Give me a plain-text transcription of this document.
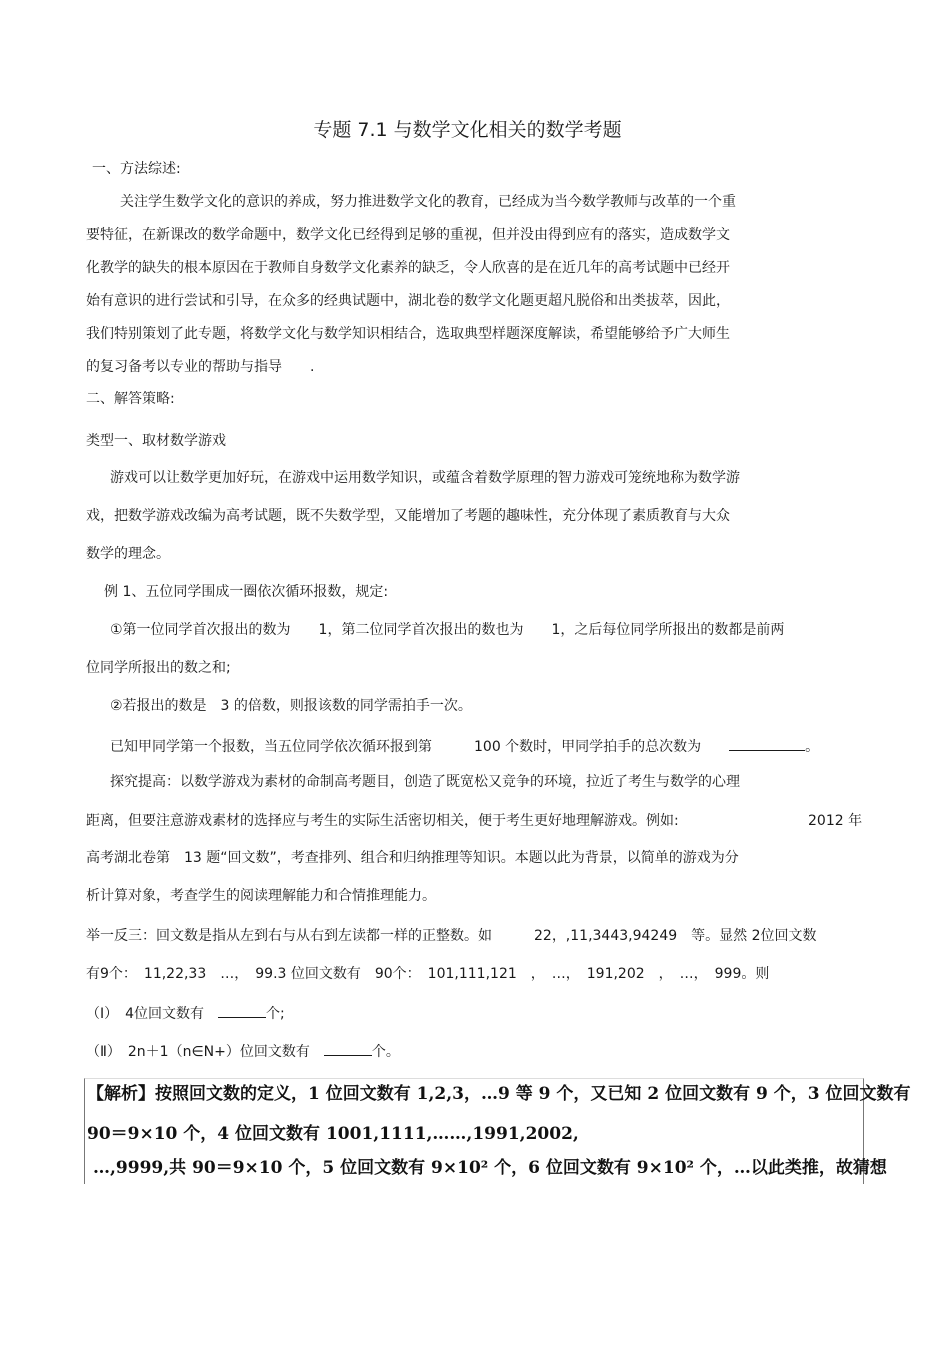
专题 7.1 与数学文化相关的数学考题
一、方法综述:
关注学生数学文化的意识的养成，努力推进数学文化的教育，已经成为当今数学教师与改革的一个重
要特征，在新课改的数学命题中，数学文化已经得到足够的重视，但并没由得到应有的落实，造成数学文
化教学的缺失的根本原因在于教师自身数学文化素养的缺乏，令人欣喜的是在近几年的高考试题中已经开
始有意识的进行尝试和引导，在众多的经典试题中，湖北卷的数学文化题更超凡脱俗和出类拔萃，因此，
我们特别策划了此专题，将数学文化与数学知识相结合，选取典型样题深度解读，希望能够给予广大师生
的复习备考以专业的帮助与指导　　.
二、解答策略:
类型一、取材数学游戏
游戏可以让数学更加好玩，在游戏中运用数学知识，或蕴含着数学原理的智力游戏可笼统地称为数学游
戏，把数学游戏改编为高考试题，既不失数学型，又能增加了考题的趣味性，充分体现了素质教育与大众
数学的理念。
例 1、五位同学围成一圈依次循环报数，规定:
①第一位同学首次报出的数为　　1，第二位同学首次报出的数也为　　1，之后每位同学所报出的数都是前两
位同学所报出的数之和;
②若报出的数是　3 的倍数，则报该数的同学需拍手一次。
已知甲同学第一个报数，当五位同学依次循环报到第　　　100 个数时，甲同学拍手的总次数为　　	。
探究提高：以数学游戏为素材的命制高考题目，创造了既宽松又竞争的环境，拉近了考生与数学的心理
距离，但要注意游戏素材的选择应与考生的实际生活密切相关，便于考生更好地理解游戏。例如:	2012 年
高考湖北卷第　13 题“回文数”，考查排列、组合和归纳推理等知识。本题以此为背景，以简单的游戏为分
析计算对象，考查学生的阅读理解能力和合情推理能力。
举一反三：回文数是指从左到右与从右到左读都一样的正整数。如　　　22，,11,3443,94249　等。显然 2位回文数
有9个：　11,22,33　…，　99.3 位回文数有　90个：　101,111,121　，　…，　191,202　，　…，　999。则
（Ⅰ）　4位回文数有　	个;
（Ⅱ）　2n＋1（n∈N+）位回文数有　	个。
【解析】按照回文数的定义，1 位回文数有 1,2,3，…9 等 9 个，又已知 2 位回文数有 9 个，3 位回文数有
90＝9×10 个，4 位回文数有 1001,1111,……,1991,2002,
…,9999,共 90＝9×10 个，5 位回文数有 9×10² 个，6 位回文数有 9×10² 个，…以此类推，故猜想
